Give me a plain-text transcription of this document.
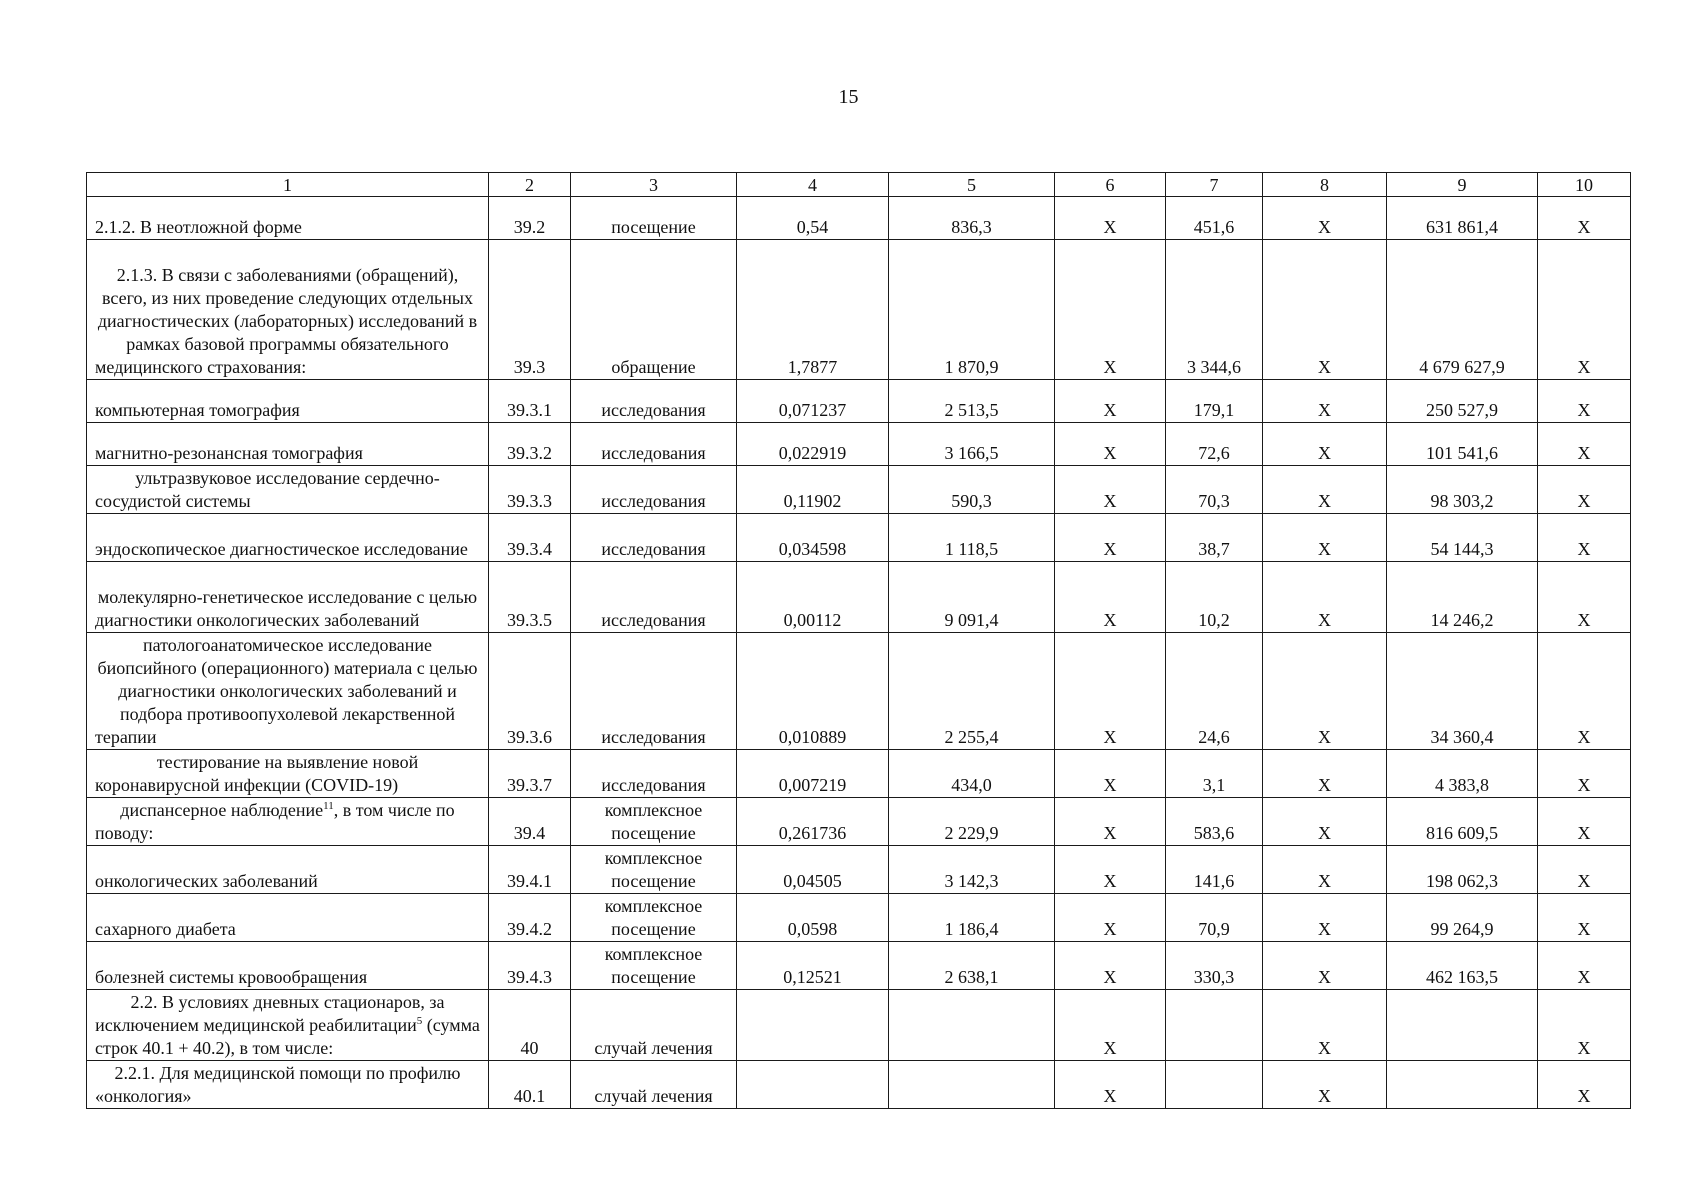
15
1	2	3	4	5	6	7	8	9	10
2.1.2. В неотложной форме	39.2	посещение	0,54	836,3	Х	451,6	Х	631 861,4	Х
2.1.3. В связи с заболеваниями (обращений), всего, из них проведение следующих отдельных диагностических (лабораторных) исследований в рамках базовой программы обязательного медицинского страхования:	39.3	обращение	1,7877	1 870,9	Х	3 344,6	Х	4 679 627,9	Х
компьютерная томография	39.3.1	исследования	0,071237	2 513,5	Х	179,1	Х	250 527,9	Х
магнитно-резонансная томография	39.3.2	исследования	0,022919	3 166,5	Х	72,6	Х	101 541,6	Х
ультразвуковое исследование сердечно-сосудистой системы	39.3.3	исследования	0,11902	590,3	Х	70,3	Х	98 303,2	Х
эндоскопическое диагностическое исследование	39.3.4	исследования	0,034598	1 118,5	Х	38,7	Х	54 144,3	Х
молекулярно-генетическое исследование с целью диагностики онкологических заболеваний	39.3.5	исследования	0,00112	9 091,4	Х	10,2	Х	14 246,2	Х
патологоанатомическое исследование биопсийного (операционного) материала с целью диагностики онкологических заболеваний и подбора противоопухолевой лекарственной терапии	39.3.6	исследования	0,010889	2 255,4	Х	24,6	Х	34 360,4	Х
тестирование на выявление новой коронавирусной инфекции (COVID-19)	39.3.7	исследования	0,007219	434,0	Х	3,1	Х	4 383,8	Х
диспансерное наблюдение$^{11}$, в том числе по поводу:	39.4	комплексное посещение	0,261736	2 229,9	Х	583,6	Х	816 609,5	Х
онкологических заболеваний	39.4.1	комплексное посещение	0,04505	3 142,3	Х	141,6	Х	198 062,3	Х
сахарного диабета	39.4.2	комплексное посещение	0,0598	1 186,4	Х	70,9	Х	99 264,9	Х
болезней системы кровообращения	39.4.3	комплексное посещение	0,12521	2 638,1	Х	330,3	Х	462 163,5	Х
2.2. В условиях дневных стационаров, за исключением медицинской реабилитации$^5$ (сумма строк 40.1 + 40.2), в том числе:	40	случай лечения			Х		Х		Х
2.2.1. Для медицинской помощи по профилю «онкология»	40.1	случай лечения			Х		Х		Х
